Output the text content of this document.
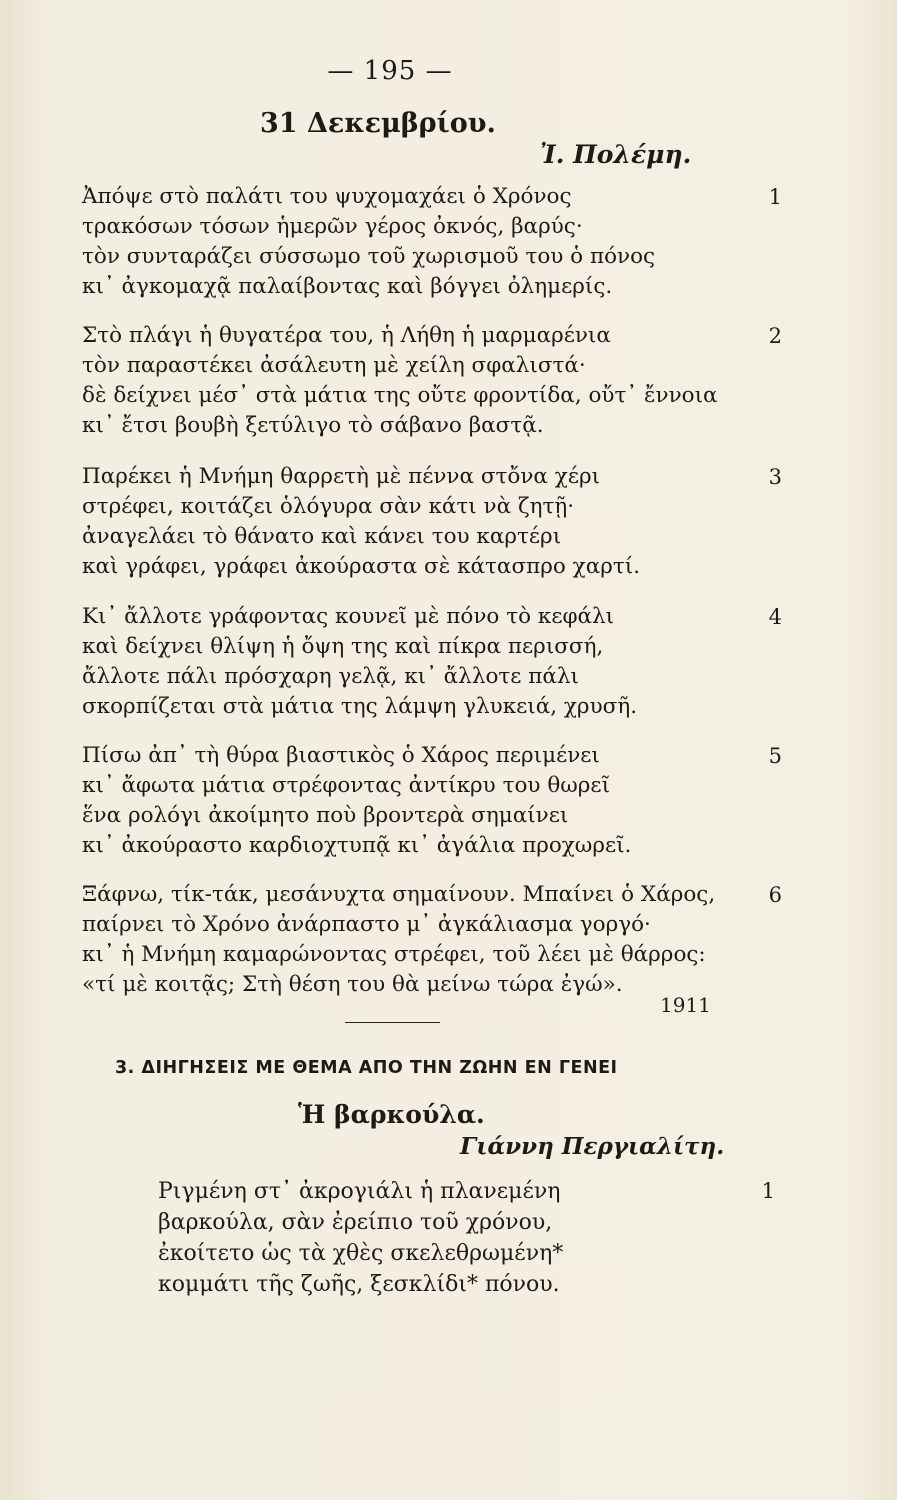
— 195 —
31 Δεκεμβρίου.
Ἰ. Πολέμη.
1
Ἀπόψε στὸ παλάτι του ψυχομαχάει ὁ Χρόνος
τρακόσων τόσων ἡμερῶν γέρος ὀκνός, βαρύς·
τὸν συνταράζει σύσσωμο τοῦ χωρισμοῦ του ὁ πόνος
κι᾿ ἀγκομαχᾷ παλαίβοντας καὶ βόγγει ὀλημερίς.
2
Στὸ πλάγι ἡ θυγατέρα του, ἡ Λήθη ἡ μαρμαρένια
τὸν παραστέκει ἀσάλευτη μὲ χείλη σφαλιστά·
δὲ δείχνει μέσ᾿ στὰ μάτια της οὔτε φροντίδα, οὔτ᾿ ἔννοια
κι᾿ ἔτσι βουβὴ ξετύλιγο τὸ σάβανο βαστᾷ.
3
Παρέκει ἡ Μνήμη θαρρετὴ μὲ πέννα στὄνα χέρι
στρέφει, κοιτάζει ὁλόγυρα σὰν κάτι νὰ ζητῇ·
ἀναγελάει τὸ θάνατο καὶ κάνει του καρτέρι
καὶ γράφει, γράφει ἀκούραστα σὲ κάτασπρο χαρτί.
4
Κι᾿ ἄλλοτε γράφοντας κουνεῖ μὲ πόνο τὸ κεφάλι
καὶ δείχνει θλίψη ἡ ὄψη της καὶ πίκρα περισσή,
ἄλλοτε πάλι πρόσχαρη γελᾷ, κι᾿ ἄλλοτε πάλι
σκορπίζεται στὰ μάτια της λάμψη γλυκειά, χρυσῆ.
5
Πίσω ἀπ᾿ τὴ θύρα βιαστικὸς ὁ Χάρος περιμένει
κι᾿ ἄφωτα μάτια στρέφοντας ἀντίκρυ του θωρεῖ
ἕνα ρολόγι ἀκοίμητο ποὺ βροντερὰ σημαίνει
κι᾿ ἀκούραστο καρδιοχτυπᾷ κι᾿ ἀγάλια προχωρεῖ.
6
Ξάφνω, τίκ-τάκ, μεσάνυχτα σημαίνουν. Μπαίνει ὁ Χάρος,
παίρνει τὸ Χρόνο ἀνάρπαστο μ᾿ ἀγκάλιασμα γοργό·
κι᾿ ἡ Μνήμη καμαρώνοντας στρέφει, τοῦ λέει μὲ θάρρος:
«τί μὲ κοιτᾷς; Στὴ θέση του θὰ μείνω τώρα ἐγώ».
1911
3. ΔΙΗΓΗΣΕΙΣ ΜΕ ΘΕΜΑ ΑΠΟ ΤΗΝ ΖΩΗΝ ΕΝ ΓΕΝΕΙ
Ἡ βαρκούλα.
Γιάννη Περγιαλίτη.
1
Ριγμένη στ᾿ ἀκρογιάλι ἡ πλανεμένη
βαρκούλα, σὰν ἐρείπιο τοῦ χρόνου,
ἐκοίτετο ὡς τὰ χθὲς σκελεθρωμένη*
κομμάτι τῆς ζωῆς, ξεσκλίδι* πόνου.
